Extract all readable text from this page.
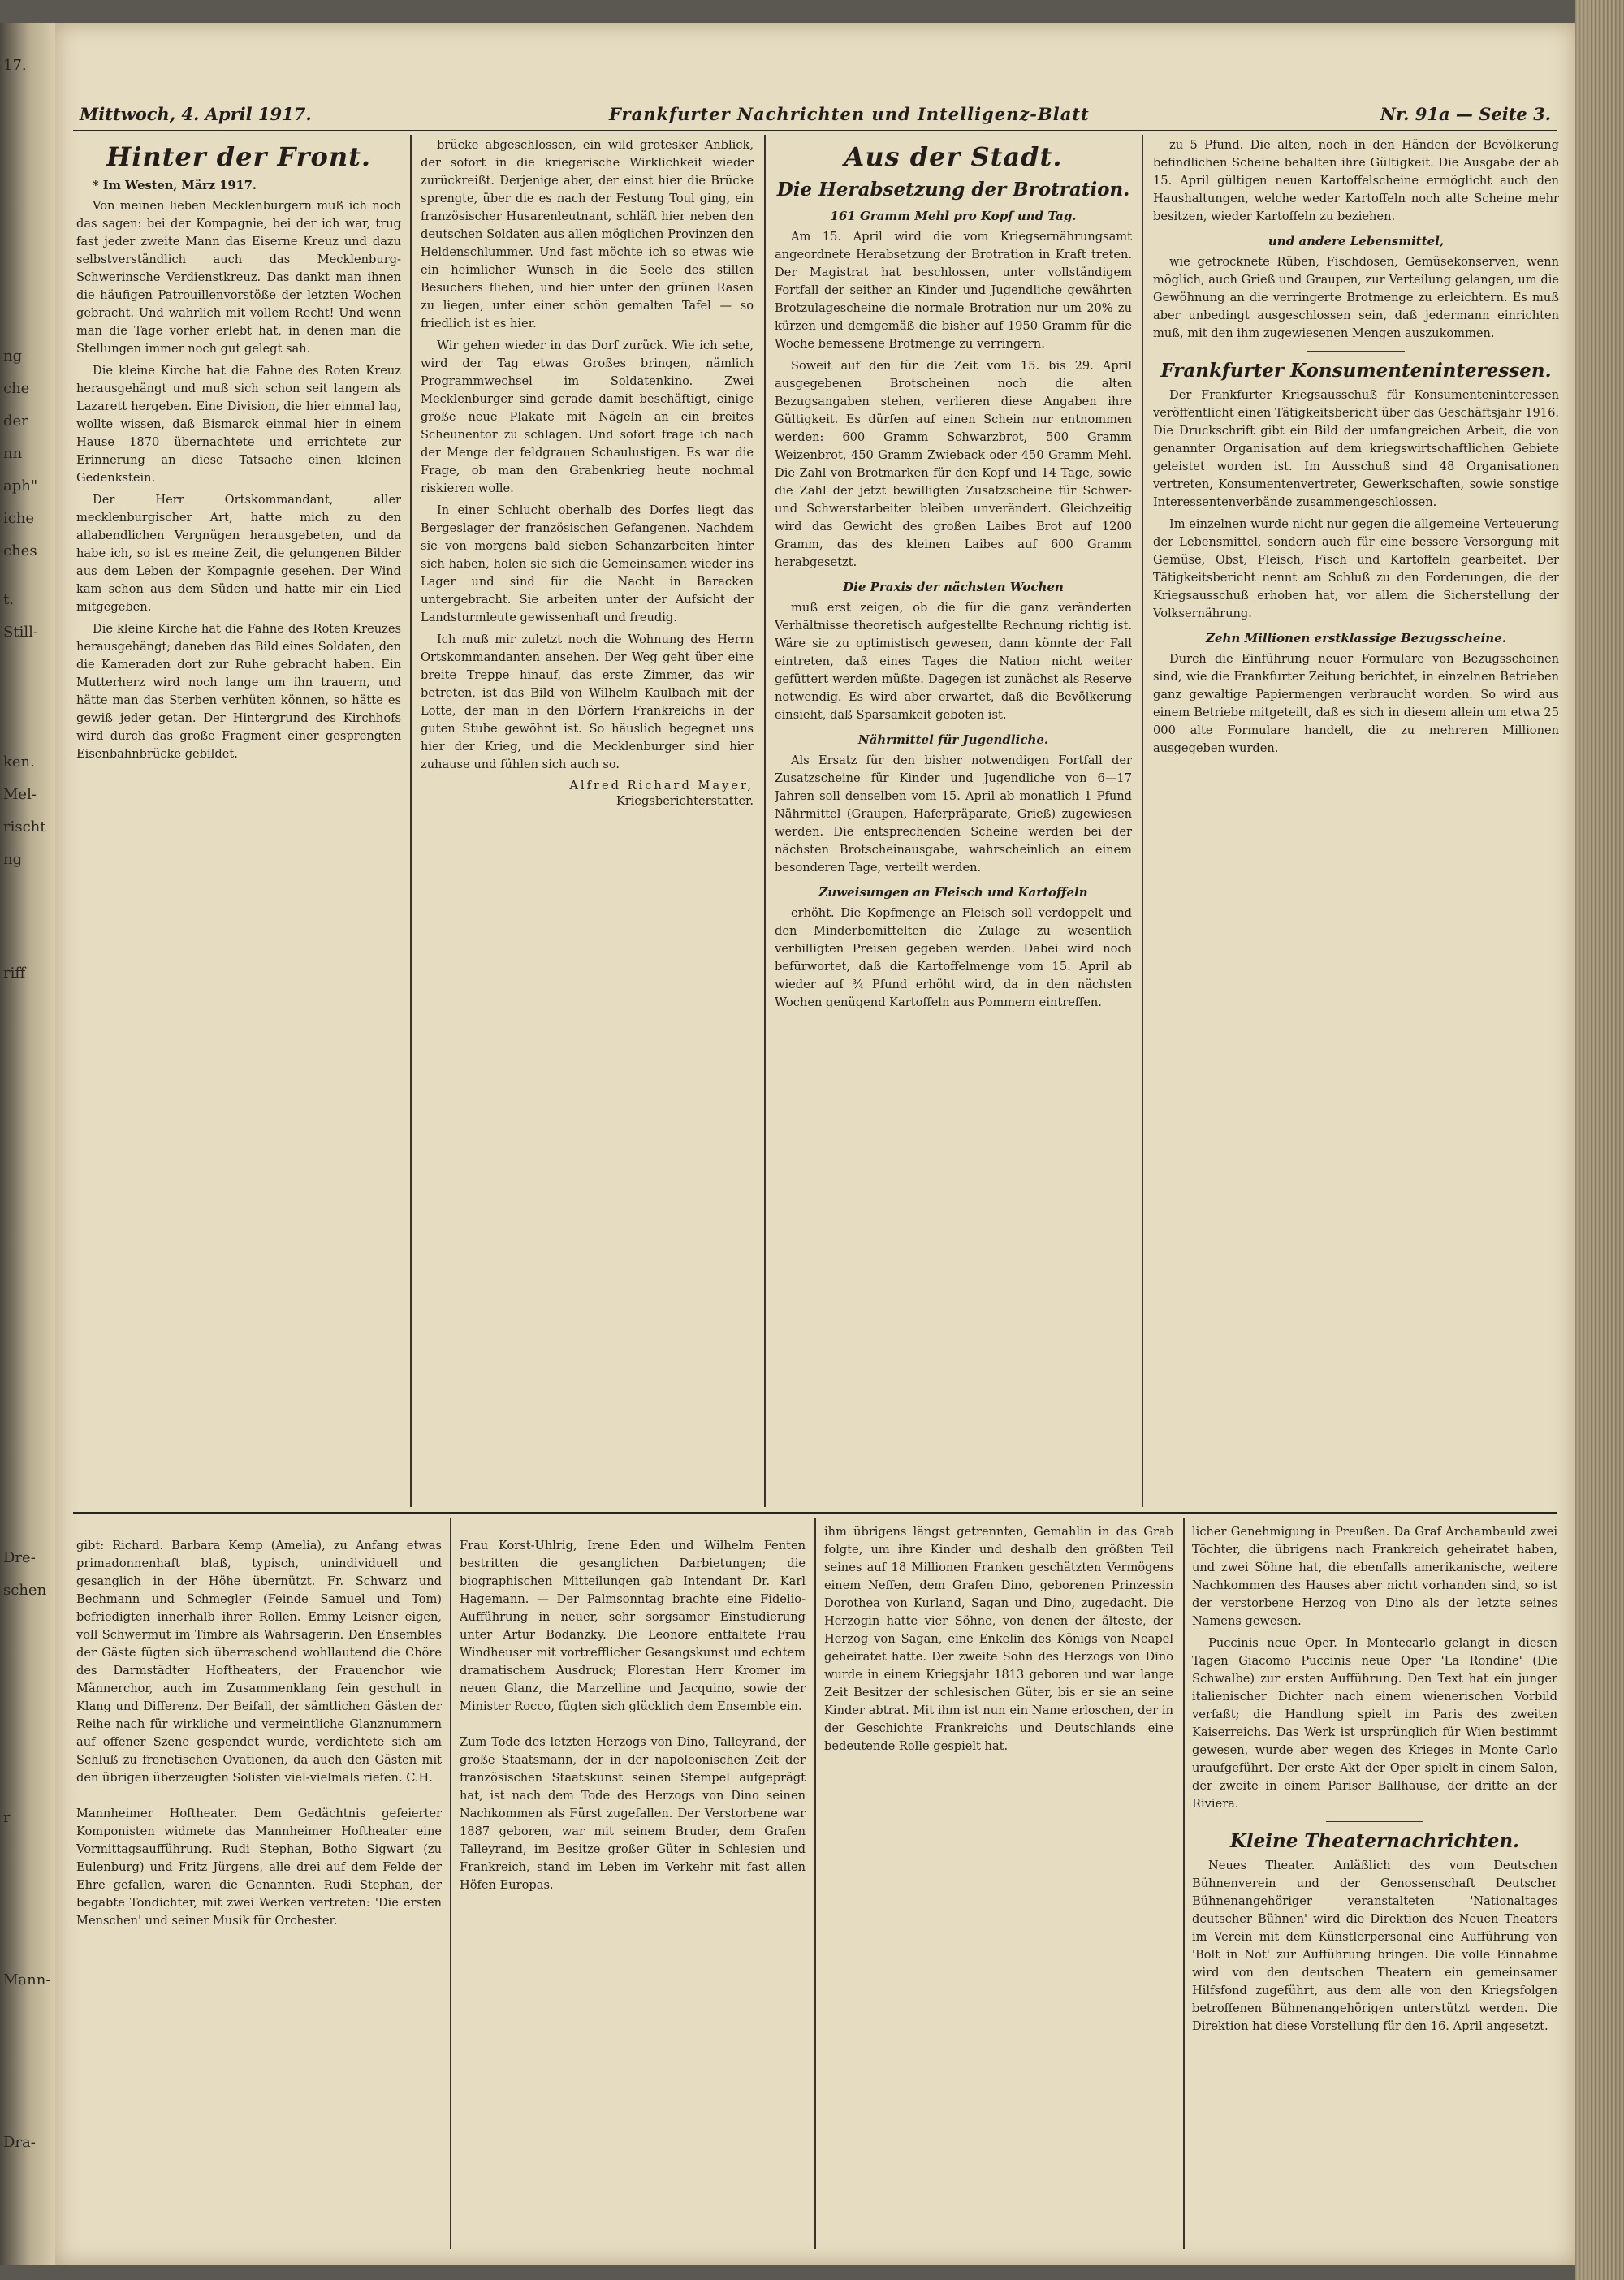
17.
ng
che
der
nn
aph"
iche
ches
t.
Still-
ken.
Mel-
rischt
ng
riff
Dre-
schen
r
Mann-
Dra-
Mittwoch, 4. April 1917.	Frankfurter Nachrichten und Intelligenz-Blatt	Nr. 91a — Seite 3.
Hinter der Front.
* Im Westen, März 1917.

Von meinen lieben Mecklenburgern muß ich noch das sagen: bei der Kompagnie, bei der ich war, trug fast jeder zweite Mann das Eiserne Kreuz und dazu selbstverständlich auch das Mecklenburg-Schwerinsche Verdienstkreuz. Das dankt man ihnen die häufigen Patrouillenvorstöße der letzten Wochen gebracht. Und wahrlich mit vollem Recht! Und wenn man die Tage vorher erlebt hat, in denen man die Stellungen immer noch gut gelegt sah.

Die kleine Kirche hat die Fahne des Roten Kreuz herausgehängt und muß sich schon seit langem als Lazarett hergeben. Eine Division, die hier einmal lag, wollte wissen, daß Bismarck einmal hier in einem Hause 1870 übernachtete und errichtete zur Erinnerung an diese Tatsache einen kleinen Gedenkstein.

Der Herr Ortskommandant, aller mecklenburgischer Art, hatte mich zu den allabendlichen Vergnügen herausgebeten, und da habe ich, so ist es meine Zeit, die gelungenen Bilder aus dem Leben der Kompagnie gesehen. Der Wind kam schon aus dem Süden und hatte mir ein Lied mitgegeben.

Die kleine Kirche hat die Fahne des Roten Kreuzes herausgehängt; daneben das Bild eines Soldaten, den die Kameraden dort zur Ruhe gebracht haben. Ein Mutterherz wird noch lange um ihn trauern, und hätte man das Sterben verhüten können, so hätte es gewiß jeder getan. Der Hintergrund des Kirchhofs wird durch das große Fragment einer gesprengten Eisenbahnbrücke gebildet.

brücke abgeschlossen, ein wild grotesker Anblick, der sofort in die kriegerische Wirklichkeit wieder zurückreißt. Derjenige aber, der einst hier die Brücke sprengte, über die es nach der Festung Toul ging, ein französischer Husarenleutnant, schläft hier neben den deutschen Soldaten aus allen möglichen Provinzen den Heldenschlummer. Und fast möchte ich so etwas wie ein heimlicher Wunsch in die Seele des stillen Besuchers fliehen, und hier unter den grünen Rasen zu liegen, unter einer schön gemalten Tafel — so friedlich ist es hier.

Wir gehen wieder in das Dorf zurück. Wie ich sehe, wird der Tag etwas Großes bringen, nämlich Programmwechsel im Soldatenkino. Zwei Mecklenburger sind gerade damit beschäftigt, einige große neue Plakate mit Nägeln an ein breites Scheunentor zu schlagen. Und sofort frage ich nach der Menge der feldgrauen Schaulustigen. Es war die Frage, ob man den Grabenkrieg heute nochmal riskieren wolle.

In einer Schlucht oberhalb des Dorfes liegt das Bergeslager der französischen Gefangenen. Nachdem sie von morgens bald sieben Schanzarbeiten hinter sich haben, holen sie sich die Gemeinsamen wieder ins Lager und sind für die Nacht in Baracken untergebracht. Sie arbeiten unter der Aufsicht der Landsturmleute gewissenhaft und freudig.

Ich muß mir zuletzt noch die Wohnung des Herrn Ortskommandanten ansehen. Der Weg geht über eine breite Treppe hinauf, das erste Zimmer, das wir betreten, ist das Bild von Wilhelm Kaulbach mit der Lotte, der man in den Dörfern Frankreichs in der guten Stube gewöhnt ist. So häuslich begegnet uns hier der Krieg, und die Mecklenburger sind hier zuhause und fühlen sich auch so.

Alfred Richard Mayer,
Kriegsberichterstatter.
Aus der Stadt.
Die Herabsetzung der Brotration.
161 Gramm Mehl pro Kopf und Tag.

Am 15. April wird die vom Kriegsernährungsamt angeordnete Herabsetzung der Brotration in Kraft treten. Der Magistrat hat beschlossen, unter vollständigem Fortfall der seither an Kinder und Jugendliche gewährten Brotzulagescheine die normale Brotration nur um 20% zu kürzen und demgemäß die bisher auf 1950 Gramm für die Woche bemessene Brotmenge zu verringern.

Soweit auf den für die Zeit vom 15. bis 29. April ausgegebenen Brotscheinen noch die alten Bezugsangaben stehen, verlieren diese Angaben ihre Gültigkeit. Es dürfen auf einen Schein nur entnommen werden: 600 Gramm Schwarzbrot, 500 Gramm Weizenbrot, 450 Gramm Zwieback oder 450 Gramm Mehl. Die Zahl von Brotmarken für den Kopf und 14 Tage, sowie die Zahl der jetzt bewilligten Zusatzscheine für Schwer- und Schwerstarbeiter bleiben unverändert. Gleichzeitig wird das Gewicht des großen Laibes Brot auf 1200 Gramm, das des kleinen Laibes auf 600 Gramm herabgesetzt.

Die Praxis der nächsten Wochen

muß erst zeigen, ob die für die ganz veränderten Verhältnisse theoretisch aufgestellte Rechnung richtig ist. Wäre sie zu optimistisch gewesen, dann könnte der Fall eintreten, daß eines Tages die Nation nicht weiter gefüttert werden müßte. Dagegen ist zunächst als Reserve notwendig. Es wird aber erwartet, daß die Bevölkerung einsieht, daß Sparsamkeit geboten ist.

Nährmittel für Jugendliche.

Als Ersatz für den bisher notwendigen Fortfall der Zusatzscheine für Kinder und Jugendliche von 6—17 Jahren soll denselben vom 15. April ab monatlich 1 Pfund Nährmittel (Graupen, Haferpräparate, Grieß) zugewiesen werden. Die entsprechenden Scheine werden bei der nächsten Brotscheinausgabe, wahrscheinlich an einem besonderen Tage, verteilt werden.

Zuweisungen an Fleisch und Kartoffeln

erhöht. Die Kopfmenge an Fleisch soll verdoppelt und den Minderbemittelten die Zulage zu wesentlich verbilligten Preisen gegeben werden. Dabei wird noch befürwortet, daß die Kartoffelmenge vom 15. April ab wieder auf ¾ Pfund erhöht wird, da in den nächsten Wochen genügend Kartoffeln aus Pommern eintreffen.

zu 5 Pfund. Die alten, noch in den Händen der Bevölkerung befindlichen Scheine behalten ihre Gültigkeit. Die Ausgabe der ab 15. April gültigen neuen Kartoffelscheine ermöglicht auch den Haushaltungen, welche weder Kartoffeln noch alte Scheine mehr besitzen, wieder Kartoffeln zu beziehen.

und andere Lebensmittel,

wie getrocknete Rüben, Fischdosen, Gemüsekonserven, wenn möglich, auch Grieß und Graupen, zur Verteilung gelangen, um die Gewöhnung an die verringerte Brotmenge zu erleichtern. Es muß aber unbedingt ausgeschlossen sein, daß jedermann einrichten muß, mit den ihm zugewiesenen Mengen auszukommen.

Frankfurter Konsumenteninteressen.

Der Frankfurter Kriegsausschuß für Konsumenteninteressen veröffentlicht einen Tätigkeitsbericht über das Geschäftsjahr 1916. Die Druckschrift gibt ein Bild der umfangreichen Arbeit, die von genannter Organisation auf dem kriegswirtschaftlichen Gebiete geleistet worden ist. Im Ausschuß sind 48 Organisationen vertreten, Konsumentenvertreter, Gewerkschaften, sowie sonstige Interessentenverbände zusammengeschlossen.

Im einzelnen wurde nicht nur gegen die allgemeine Verteuerung der Lebensmittel, sondern auch für eine bessere Versorgung mit Gemüse, Obst, Fleisch, Fisch und Kartoffeln gearbeitet. Der Tätigkeitsbericht nennt am Schluß zu den Forderungen, die der Kriegsausschuß erhoben hat, vor allem die Sicherstellung der Volksernährung.

Zehn Millionen erstklassige Bezugsscheine.

Durch die Einführung neuer Formulare von Bezugsscheinen sind, wie die Frankfurter Zeitung berichtet, in einzelnen Betrieben ganz gewaltige Papiermengen verbraucht worden. So wird aus einem Betriebe mitgeteilt, daß es sich in diesem allein um etwa 25 000 alte Formulare handelt, die zu mehreren Millionen ausgegeben wurden.

gibt: Richard. Barbara Kemp (Amelia), zu Anfang etwas primadonnenhaft blaß, typisch, unindividuell und gesanglich in der Höhe übernützt. Fr. Schwarz und Bechmann und Schmegler (Feinde Samuel und Tom) befriedigten innerhalb ihrer Rollen. Emmy Leisner eigen, voll Schwermut im Timbre als Wahrsagerin. Den Ensembles der Gäste fügten sich überraschend wohllautend die Chöre des Darmstädter Hoftheaters, der Frauenchor wie Männerchor, auch im Zusammenklang fein geschult in Klang und Differenz. Der Beifall, der sämtlichen Gästen der Reihe nach für wirkliche und vermeintliche Glanznummern auf offener Szene gespendet wurde, verdichtete sich am Schluß zu frenetischen Ovationen, da auch den Gästen mit den übrigen überzeugten Solisten viel-vielmals riefen. C.H.

Mannheimer Hoftheater. Dem Gedächtnis gefeierter Komponisten widmete das Mannheimer Hoftheater eine Vormittagsaufführung. Rudi Stephan, Botho Sigwart (zu Eulenburg) und Fritz Jürgens, alle drei auf dem Felde der Ehre gefallen, waren die Genannten. Rudi Stephan, der begabte Tondichter, mit zwei Werken vertreten: 'Die ersten Menschen' und seiner Musik für Orchester.

Frau Korst-Uhlrig, Irene Eden und Wilhelm Fenten bestritten die gesanglichen Darbietungen; die biographischen Mitteilungen gab Intendant Dr. Karl Hagemann. — Der Palmsonntag brachte eine Fidelio-Aufführung in neuer, sehr sorgsamer Einstudierung unter Artur Bodanzky. Die Leonore entfaltete Frau Windheuser mit vortrefflicher Gesangskunst und echtem dramatischem Ausdruck; Florestan Herr Kromer im neuen Glanz, die Marzelline und Jacquino, sowie der Minister Rocco, fügten sich glücklich dem Ensemble ein.

Zum Tode des letzten Herzogs von Dino, Talleyrand, der große Staatsmann, der in der napoleonischen Zeit der französischen Staatskunst seinen Stempel aufgeprägt hat, ist nach dem Tode des Herzogs von Dino seinen Nachkommen als Fürst zugefallen. Der Verstorbene war 1887 geboren, war mit seinem Bruder, dem Grafen Talleyrand, im Besitze großer Güter in Schlesien und Frankreich, stand im Leben im Verkehr mit fast allen Höfen Europas.

ihm übrigens längst getrennten, Gemahlin in das Grab folgte, um ihre Kinder und deshalb den größten Teil seines auf 18 Millionen Franken geschätzten Vermögens einem Neffen, dem Grafen Dino, geborenen Prinzessin Dorothea von Kurland, Sagan und Dino, zugedacht. Die Herzogin hatte vier Söhne, von denen der älteste, der Herzog von Sagan, eine Enkelin des Königs von Neapel geheiratet hatte. Der zweite Sohn des Herzogs von Dino wurde in einem Kriegsjahr 1813 geboren und war lange Zeit Besitzer der schlesischen Güter, bis er sie an seine Kinder abtrat. Mit ihm ist nun ein Name erloschen, der in der Geschichte Frankreichs und Deutschlands eine bedeutende Rolle gespielt hat.

licher Genehmigung in Preußen. Da Graf Archambauld zwei Töchter, die übrigens nach Frankreich geheiratet haben, und zwei Söhne hat, die ebenfalls amerikanische, weitere Nachkommen des Hauses aber nicht vorhanden sind, so ist der verstorbene Herzog von Dino als der letzte seines Namens gewesen.

Puccinis neue Oper. In Montecarlo gelangt in diesen Tagen Giacomo Puccinis neue Oper 'La Rondine' (Die Schwalbe) zur ersten Aufführung. Den Text hat ein junger italienischer Dichter nach einem wienerischen Vorbild verfaßt; die Handlung spielt im Paris des zweiten Kaiserreichs. Das Werk ist ursprünglich für Wien bestimmt gewesen, wurde aber wegen des Krieges in Monte Carlo uraufgeführt. Der erste Akt der Oper spielt in einem Salon, der zweite in einem Pariser Ballhause, der dritte an der Riviera.

Kleine Theaternachrichten.

Neues Theater. Anläßlich des vom Deutschen Bühnenverein und der Genossenschaft Deutscher Bühnenangehöriger veranstalteten 'Nationaltages deutscher Bühnen' wird die Direktion des Neuen Theaters im Verein mit dem Künstlerpersonal eine Aufführung von 'Bolt in Not' zur Aufführung bringen. Die volle Einnahme wird von den deutschen Theatern ein gemeinsamer Hilfsfond zugeführt, aus dem alle von den Kriegsfolgen betroffenen Bühnenangehörigen unterstützt werden. Die Direktion hat diese Vorstellung für den 16. April angesetzt.
